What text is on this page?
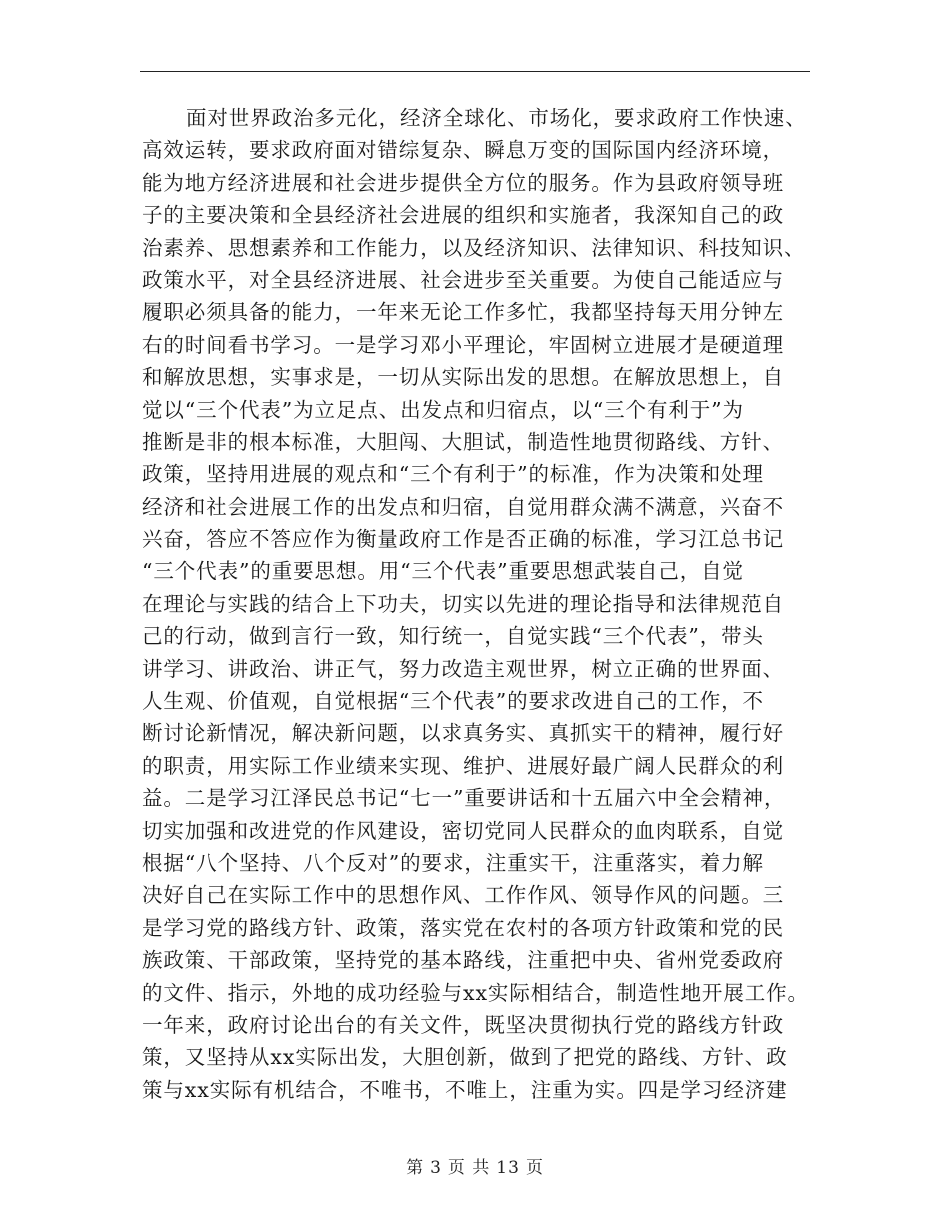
面对世界政治多元化，经济全球化、市场化，要求政府工作快速、
高效运转，要求政府面对错综复杂、瞬息万变的国际国内经济环境，
能为地方经济进展和社会进步提供全方位的服务。作为县政府领导班
子的主要决策和全县经济社会进展的组织和实施者，我深知自己的政
治素养、思想素养和工作能力，以及经济知识、法律知识、科技知识、
政策水平，对全县经济进展、社会进步至关重要。为使自己能适应与
履职必须具备的能力，一年来无论工作多忙，我都坚持每天用分钟左
右的时间看书学习。一是学习邓小平理论，牢固树立进展才是硬道理
和解放思想，实事求是，一切从实际出发的思想。在解放思想上，自
觉以“三个代表”为立足点、出发点和归宿点，以“三个有利于”为
推断是非的根本标准，大胆闯、大胆试，制造性地贯彻路线、方针、
政策，坚持用进展的观点和“三个有利于”的标准，作为决策和处理
经济和社会进展工作的出发点和归宿，自觉用群众满不满意，兴奋不
兴奋，答应不答应作为衡量政府工作是否正确的标准，学习江总书记
“三个代表”的重要思想。用“三个代表”重要思想武装自己，自觉
在理论与实践的结合上下功夫，切实以先进的理论指导和法律规范自
己的行动，做到言行一致，知行统一，自觉实践“三个代表”，带头
讲学习、讲政治、讲正气，努力改造主观世界，树立正确的世界面、
人生观、价值观，自觉根据“三个代表”的要求改进自己的工作，不
断讨论新情况，解决新问题，以求真务实、真抓实干的精神，履行好
的职责，用实际工作业绩来实现、维护、进展好最广阔人民群众的利
益。二是学习江泽民总书记“七一”重要讲话和十五届六中全会精神，
切实加强和改进党的作风建设，密切党同人民群众的血肉联系，自觉
根据“八个坚持、八个反对”的要求，注重实干，注重落实，着力解
决好自己在实际工作中的思想作风、工作作风、领导作风的问题。三
是学习党的路线方针、政策，落实党在农村的各项方针政策和党的民
族政策、干部政策，坚持党的基本路线，注重把中央、省州党委政府
的文件、指示，外地的成功经验与xx实际相结合，制造性地开展工作。
一年来，政府讨论出台的有关文件，既坚决贯彻执行党的路线方针政
策，又坚持从xx实际出发，大胆创新，做到了把党的路线、方针、政
策与xx实际有机结合，不唯书，不唯上，注重为实。四是学习经济建
第 3 页 共 13 页
